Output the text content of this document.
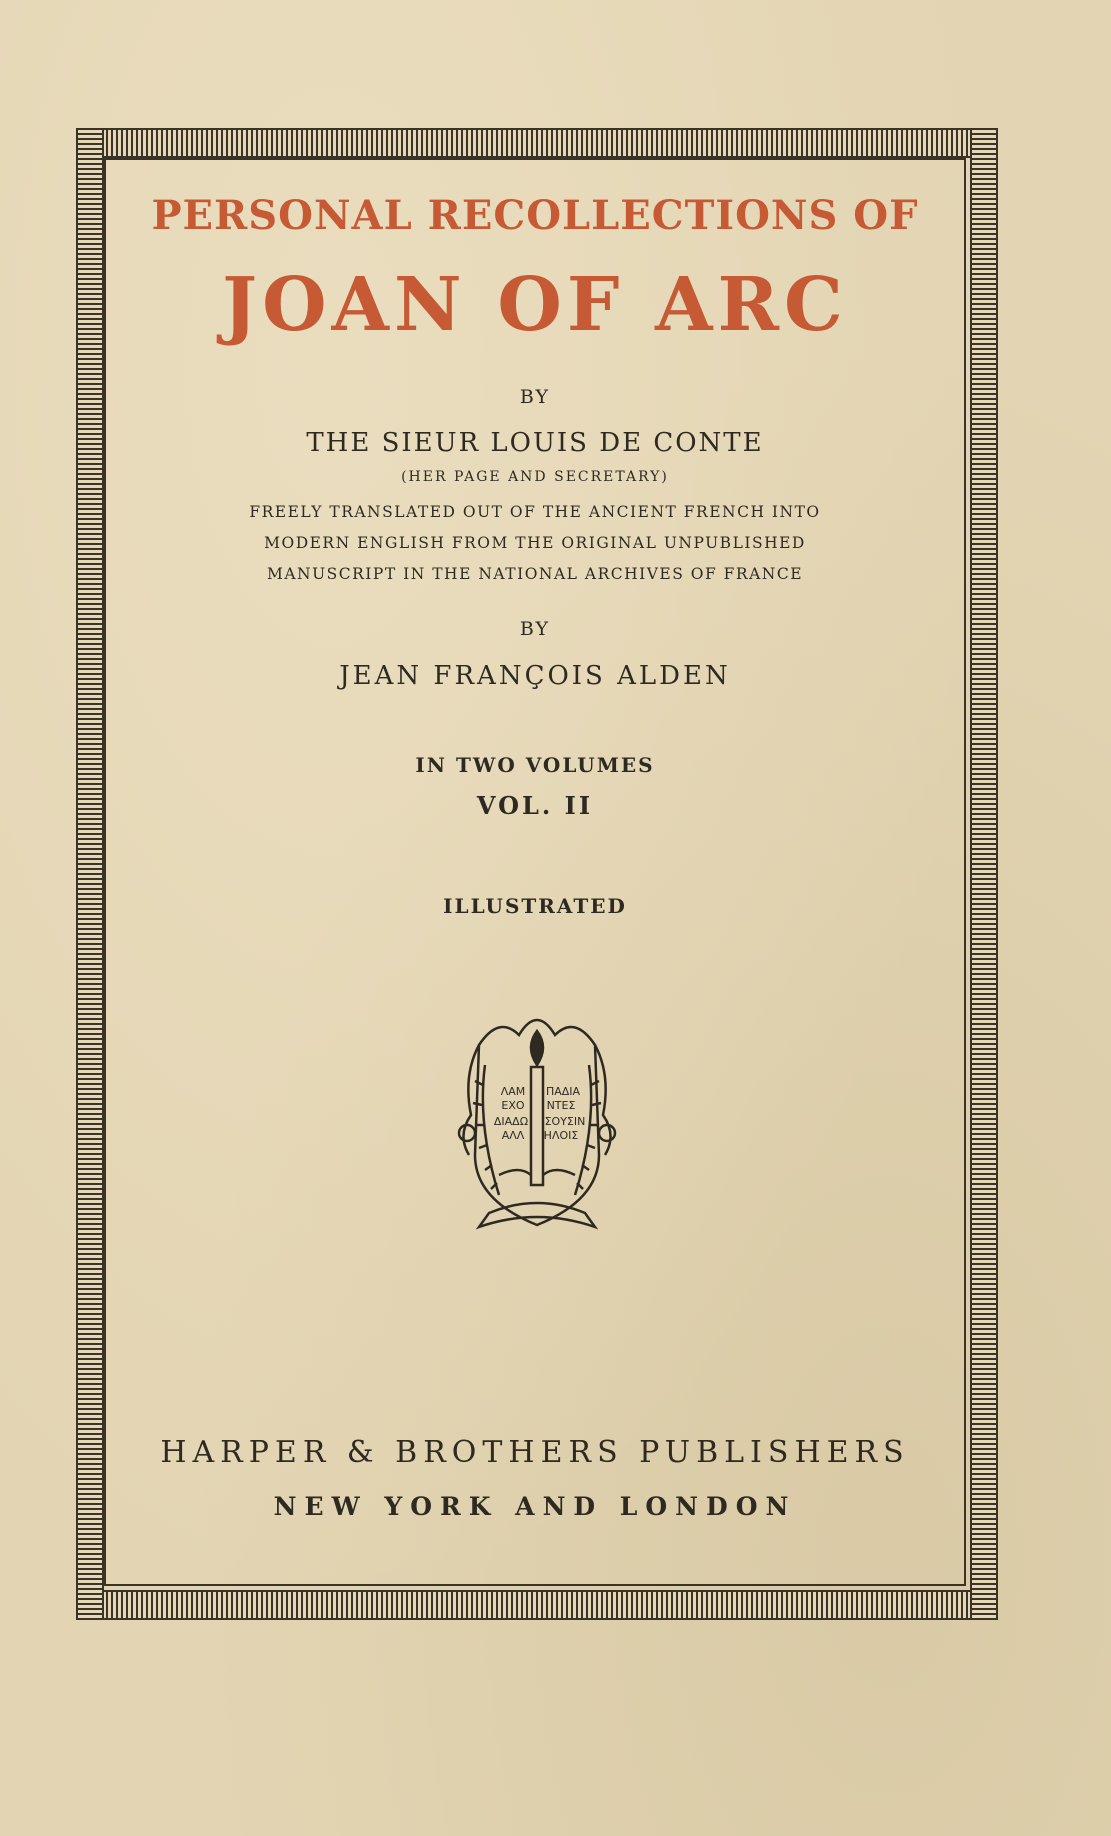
PERSONAL RECOLLECTIONS OF
JOAN OF ARC
BY
THE SIEUR LOUIS DE CONTE
(HER PAGE AND SECRETARY)
FREELY TRANSLATED OUT OF THE ANCIENT FRENCH INTO
MODERN ENGLISH FROM THE ORIGINAL UNPUBLISHED
MANUSCRIPT IN THE NATIONAL ARCHIVES OF FRANCE
BY
JEAN FRANÇOIS ALDEN
IN TWO VOLUMES
VOL. II
ILLUSTRATED
ΛΑΜ ΠΑΔΙΑ
ΕΧΟ ΝΤΕΣ
ΔΙΑΔΩ ΣΟΥΣΙΝ
ΑΛΛ ΗΛΟΙΣ
HARPER & BROTHERS PUBLISHERS
NEW YORK AND LONDON
